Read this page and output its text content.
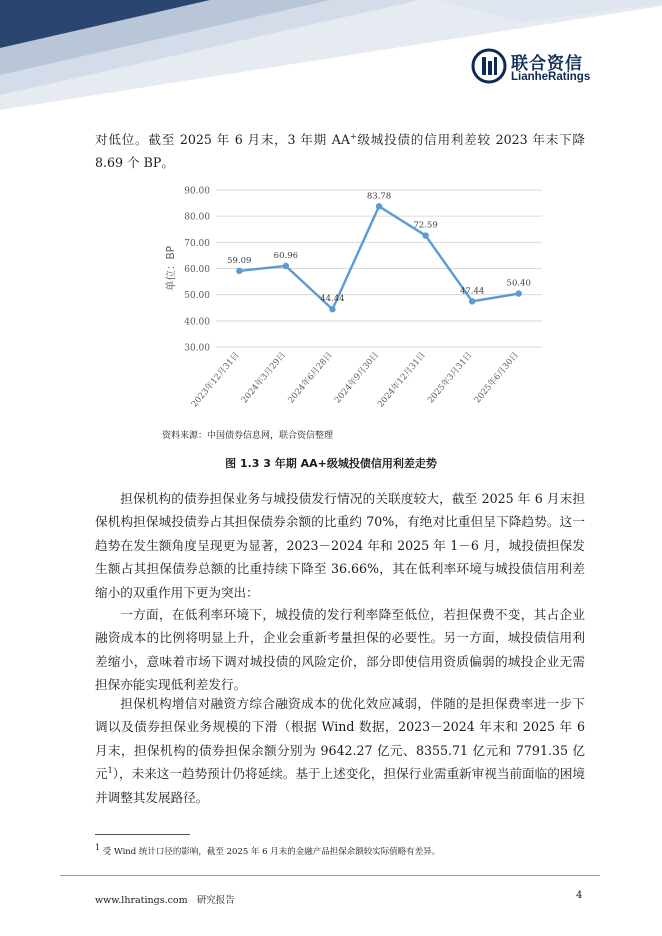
联合资信
LianheRatings
对低位。截至 2025 年 6 月末，3 年期 AA+级城投债的信用利差较 2023 年末下降 8.69 个 BP。
90.00
80.00
70.00
60.00
50.00
40.00
30.00
单位：BP
2023年12月31日
2024年3月29日
2024年6月28日
2024年9月30日
2024年12月31日
2025年3月31日
2025年6月30日
59.09	60.96
44.44
83.78
72.59
47.44
50.40
资料来源：中国债券信息网，联合资信整理
图 1.3 3 年期 AA+级城投债信用利差走势
担保机构的债券担保业务与城投债发行情况的关联度较大，截至 2025 年 6 月末担保机构担保城投债券占其担保债券余额的比重约 70%，有绝对比重但呈下降趋势。这一趋势在发生额角度呈现更为显著，2023－2024 年和 2025 年 1－6 月，城投债担保发生额占其担保债券总额的比重持续下降至 36.66%，其在低利率环境与城投债信用利差缩小的双重作用下更为突出：
一方面，在低利率环境下，城投债的发行利率降至低位，若担保费不变，其占企业融资成本的比例将明显上升，企业会重新考量担保的必要性。另一方面，城投债信用利差缩小，意味着市场下调对城投债的风险定价，部分即使信用资质偏弱的城投企业无需担保亦能实现低利差发行。
担保机构增信对融资方综合融资成本的优化效应减弱，伴随的是担保费率进一步下调以及债券担保业务规模的下滑（根据 Wind 数据，2023－2024 年末和 2025 年 6 月末，担保机构的债券担保余额分别为 9642.27 亿元、8355.71 亿元和 7791.35 亿元$^1$），未来这一趋势预计仍将延续。基于上述变化，担保行业需重新审视当前面临的困境并调整其发展路径。
$^1$ 受 Wind 统计口径的影响，截至 2025 年 6 月末的金融产品担保余额较实际值略有差异。
www.lhratings.com 研究报告	4
